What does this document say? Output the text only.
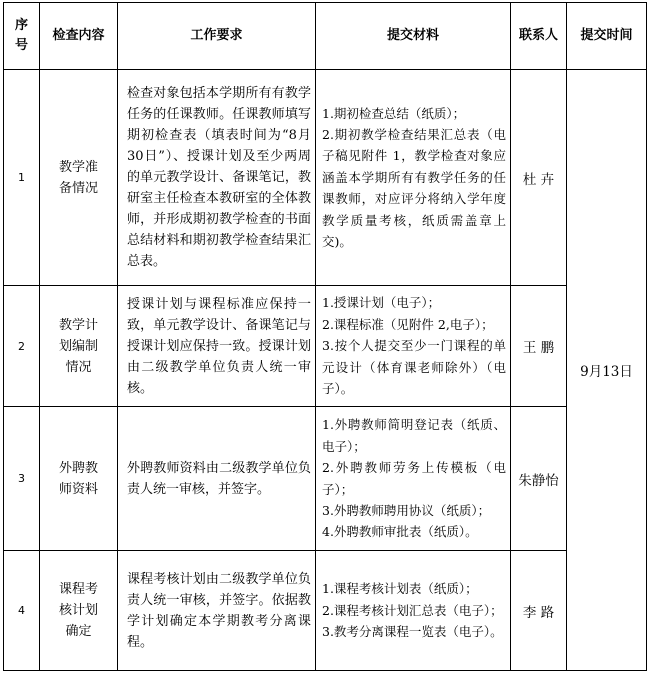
序号	检查内容	工作要求	提交材料	联系人	提交时间
1	教学准备情况	检查对象包括本学期所有有教学任务的任课教师。任课教师填写期初检查表（填表时间为“8月30日”）、授课计划及至少两周的单元教学设计、备课笔记，教研室主任检查本教研室的全体教师，并形成期初教学检查的书面总结材料和期初教学检查结果汇总表。	1.期初检查总结（纸质）；
2.期初教学检查结果汇总表（电子稿见附件 1，教学检查对象应涵盖本学期所有有教学任务的任课教师，对应评分将纳入学年度教学质量考核，纸质需盖章上交)。	杜 卉	9月13日
2	教学计划编制情况	授课计划与课程标准应保持一致，单元教学设计、备课笔记与授课计划应保持一致。授课计划由二级教学单位负责人统一审核。	1.授课计划（电子）；
2.课程标准（见附件 2,电子）；
3.按个人提交至少一门课程的单元设计（体育课老师除外）（电子）。	王 鹏	
3	外聘教师资料	外聘教师资料由二级教学单位负责人统一审核，并签字。	1.外聘教师简明登记表（纸质、电子）；
2.外聘教师劳务上传模板（电子）；
3.外聘教师聘用协议（纸质）；
4.外聘教师审批表（纸质）。	朱静怡	
4	课程考核计划确定	课程考核计划由二级教学单位负责人统一审核，并签字。依据教学计划确定本学期教考分离课程。	1.课程考核计划表（纸质）；
2.课程考核计划汇总表（电子）；
3.教考分离课程一览表（电子）。	李 路	
